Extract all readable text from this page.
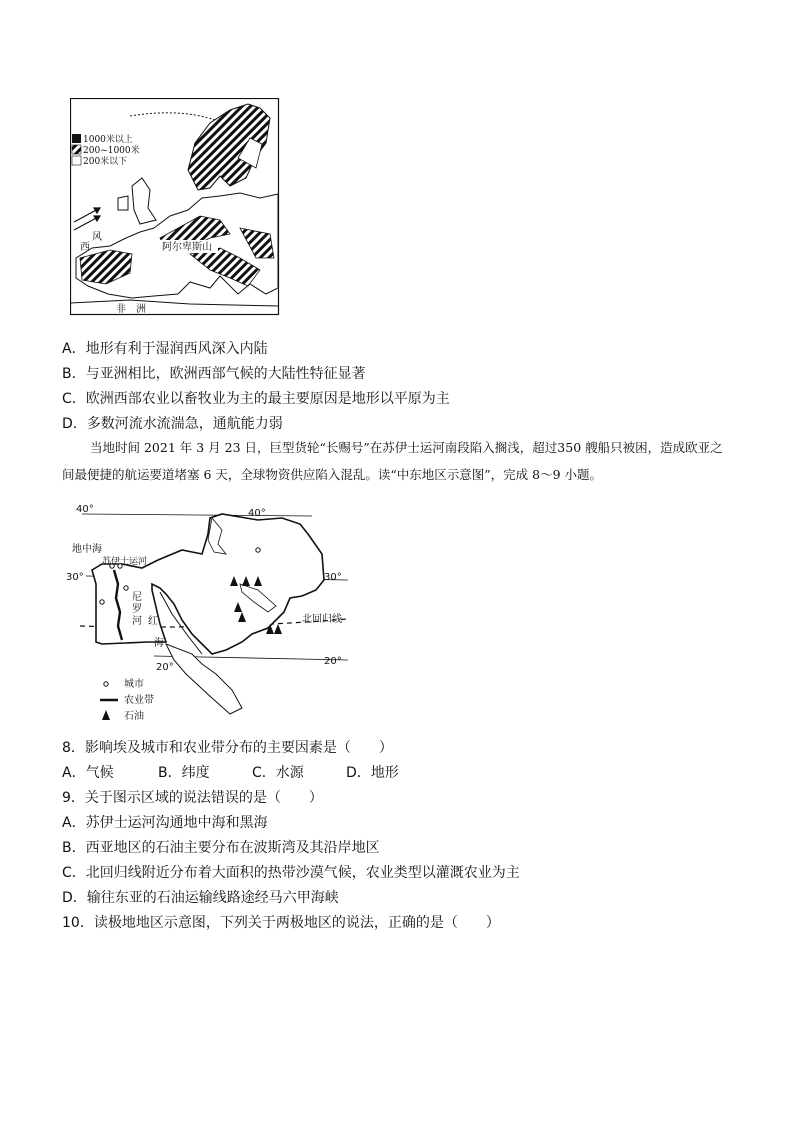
1000米以上
200~1000米
200米以下
风
西	阿尔卑斯山
非 洲
A．地形有利于湿润西风深入内陆
B．与亚洲相比，欧洲西部气候的大陆性特征显著
C．欧洲西部农业以畜牧业为主的最主要原因是地形以平原为主
D．多数河流水流湍急，通航能力弱
当地时间 2021 年 3 月 23 日，巨型货轮“长赐号”在苏伊士运河南段陷入搁浅，超过350 艘船只被困，造成欧亚之间最便捷的航运要道堵塞 6 天，全球物资供应陷入混乱。读“中东地区示意图”，完成 8～9 小题。
40°	40°
30°	30°
20°
20°
地中海
苏伊士运河
尼
罗
河 红
海
北回归线
城市
农业带
石油
8．影响埃及城市和农业带分布的主要因素是（　　）
A．气候	B．纬度	C．水源	D．地形
9．关于图示区域的说法错误的是（　　）
A．苏伊士运河沟通地中海和黑海
B．西亚地区的石油主要分布在波斯湾及其沿岸地区
C．北回归线附近分布着大面积的热带沙漠气候，农业类型以灌溉农业为主
D．输往东亚的石油运输线路途经马六甲海峡
10．读极地地区示意图，下列关于两极地区的说法，正确的是（　　）
